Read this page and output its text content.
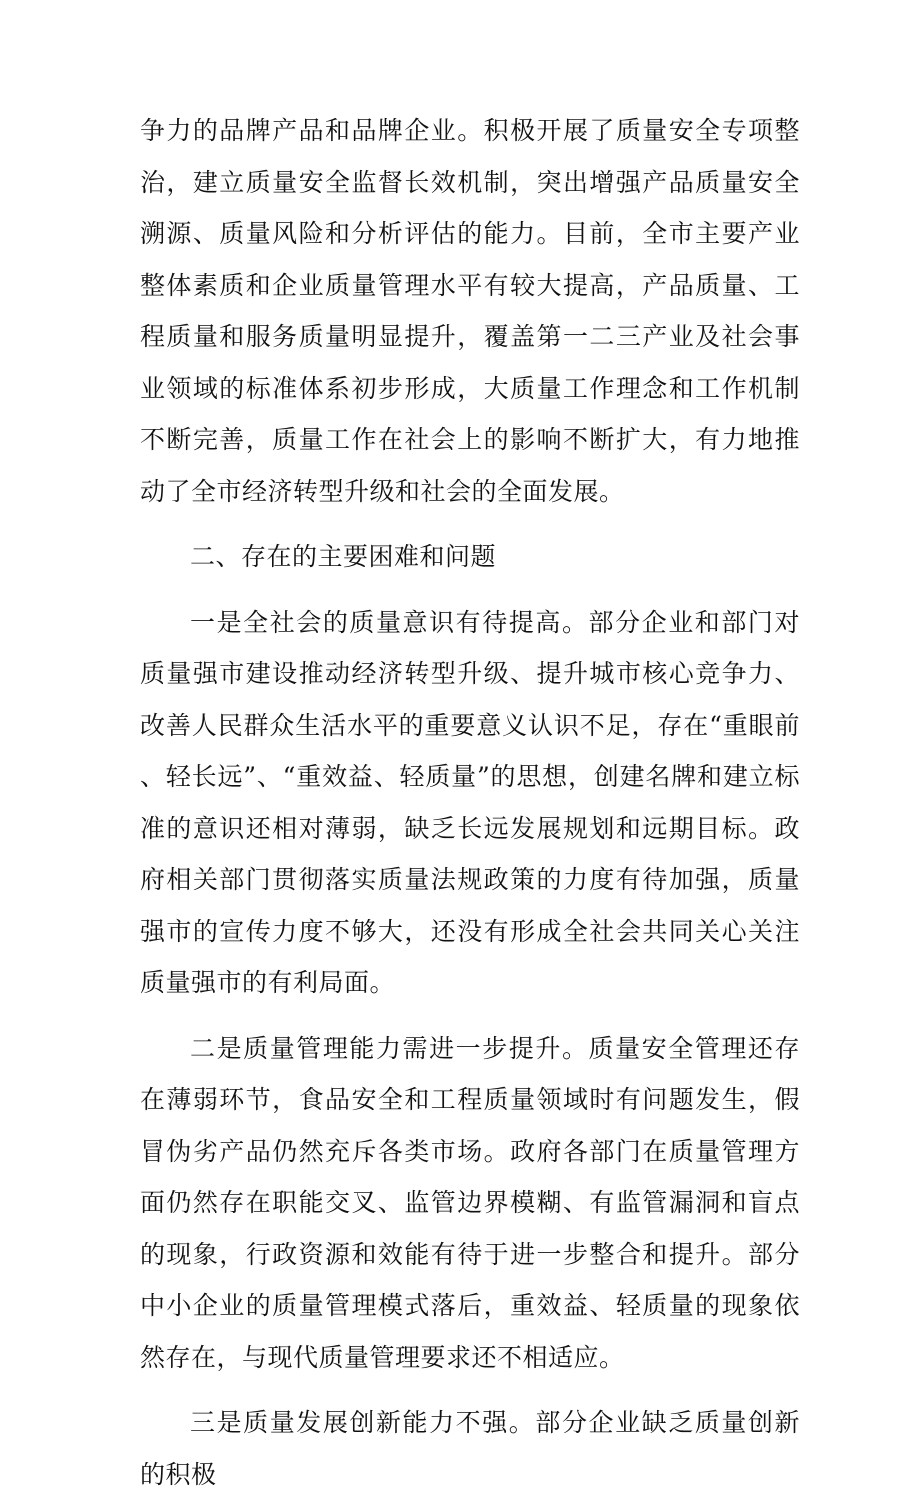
争力的品牌产品和品牌企业。积极开展了质量安全专项整治，建立质量安全监督长效机制，突出增强产品质量安全溯源、质量风险和分析评估的能力。目前，全市主要产业整体素质和企业质量管理水平有较大提高，产品质量、工程质量和服务质量明显提升，覆盖第一二三产业及社会事业领域的标准体系初步形成，大质量工作理念和工作机制不断完善，质量工作在社会上的影响不断扩大，有力地推动了全市经济转型升级和社会的全面发展。

二、存在的主要困难和问题

一是全社会的质量意识有待提高。部分企业和部门对质量强市建设推动经济转型升级、提升城市核心竞争力、改善人民群众生活水平的重要意义认识不足，存在“重眼前、轻长远”、“重效益、轻质量”的思想，创建名牌和建立标准的意识还相对薄弱，缺乏长远发展规划和远期目标。政府相关部门贯彻落实质量法规政策的力度有待加强，质量强市的宣传力度不够大，还没有形成全社会共同关心关注质量强市的有利局面。

二是质量管理能力需进一步提升。质量安全管理还存在薄弱环节，食品安全和工程质量领域时有问题发生，假冒伪劣产品仍然充斥各类市场。政府各部门在质量管理方面仍然存在职能交叉、监管边界模糊、有监管漏洞和盲点的现象，行政资源和效能有待于进一步整合和提升。部分中小企业的质量管理模式落后，重效益、轻质量的现象依然存在，与现代质量管理要求还不相适应。

三是质量发展创新能力不强。部分企业缺乏质量创新的积极
